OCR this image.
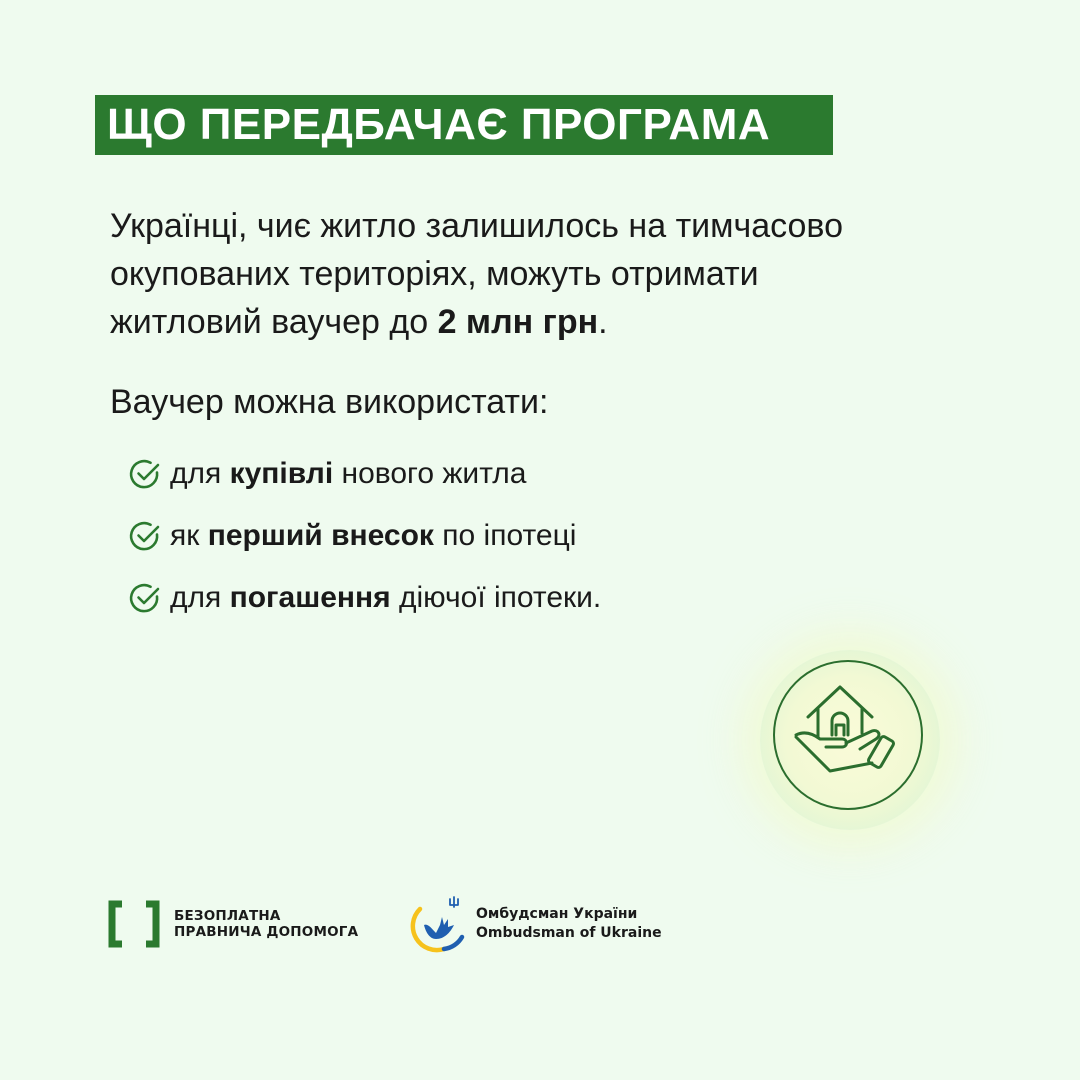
ЩО ПЕРЕДБАЧАЄ ПРОГРАМА

Українці, чиє житло залишилось на тимчасово

окупованих територіях, можуть отримати

житловий ваучер до 2 млн грн.

Ваучер можна використати:
для купівлі нового житла
як перший внесок по іпотеці
для погашення діючої іпотеки.
БЕЗОПЛАТНА
ПРАВНИЧА ДОПОМОГА
Омбудсман України
Ombudsman of Ukraine
